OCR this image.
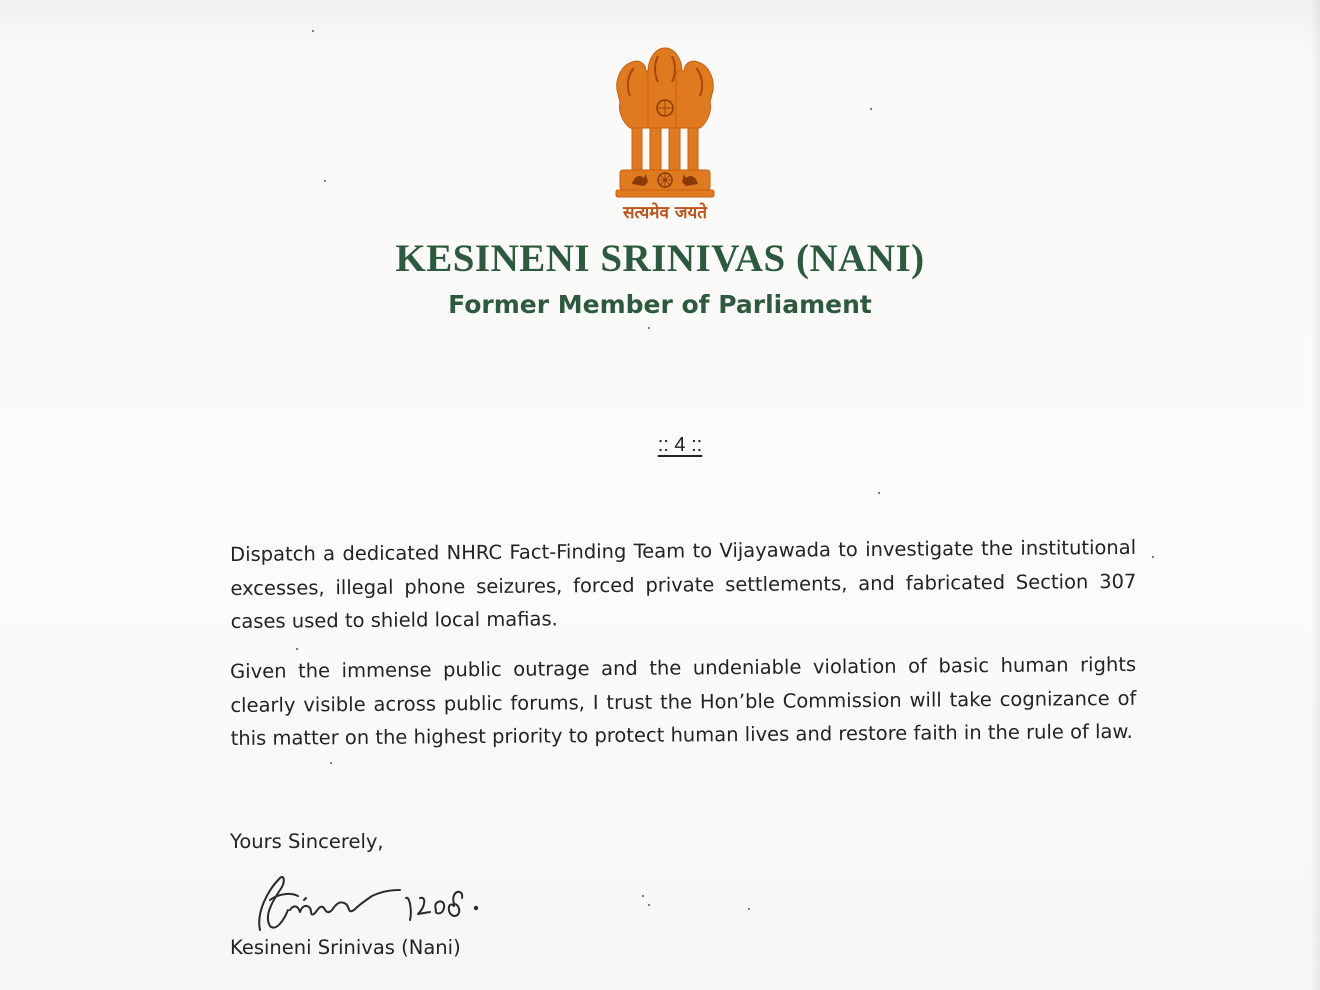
सत्यमेव जयते
KESINENI SRINIVAS (NANI)
Former Member of Parliament
:: 4 ::
Dispatch a dedicated NHRC Fact-Finding Team to Vijayawada to investigate the institutional excesses, illegal phone seizures, forced private settlements, and fabricated Section 307 cases used to shield local mafias.
Given the immense public outrage and the undeniable violation of basic human rights clearly visible across public forums, I trust the Hon’ble Commission will take cognizance of this matter on the highest priority to protect human lives and restore faith in the rule of law.
Yours Sincerely,
Kesineni Srinivas (Nani)
